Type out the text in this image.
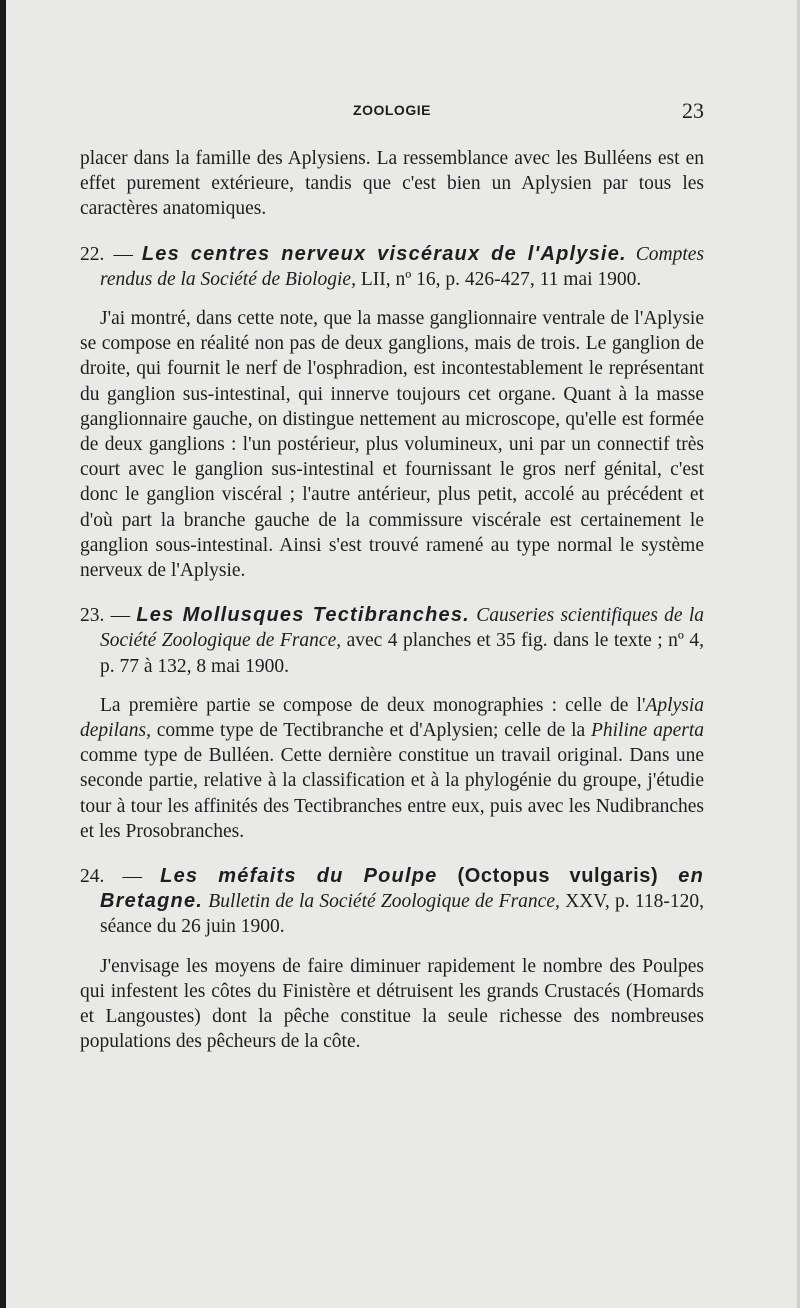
ZOOLOGIE	23

placer dans la famille des Aplysiens. La ressemblance avec les Bulléens est en effet purement extérieure, tandis que c'est bien un Aplysien par tous les caractères anatomiques.

22. — Les centres nerveux viscéraux de l'Aplysie. Comptes rendus de la Société de Biologie, LII, nº 16, p. 426-427, 11 mai 1900.

J'ai montré, dans cette note, que la masse ganglionnaire ventrale de l'Aplysie se compose en réalité non pas de deux ganglions, mais de trois. Le ganglion de droite, qui fournit le nerf de l'osphradion, est incontestablement le représentant du ganglion sus-intestinal, qui innerve toujours cet organe. Quant à la masse ganglionnaire gauche, on distingue nettement au microscope, qu'elle est formée de deux ganglions : l'un postérieur, plus volumineux, uni par un connectif très court avec le ganglion sus-intestinal et fournissant le gros nerf génital, c'est donc le ganglion viscéral ; l'autre antérieur, plus petit, accolé au précédent et d'où part la branche gauche de la commissure viscérale est certainement le ganglion sous-intestinal. Ainsi s'est trouvé ramené au type normal le système nerveux de l'Aplysie.

23. — Les Mollusques Tectibranches. Causeries scientifiques de la Société Zoologique de France, avec 4 planches et 35 fig. dans le texte ; nº 4, p. 77 à 132, 8 mai 1900.

La première partie se compose de deux monographies : celle de l'Aplysia depilans, comme type de Tectibranche et d'Aplysien; celle de la Philine aperta comme type de Bulléen. Cette dernière constitue un travail original. Dans une seconde partie, relative à la classification et à la phylogénie du groupe, j'étudie tour à tour les affinités des Tectibranches entre eux, puis avec les Nudibranches et les Prosobranches.

24. — Les méfaits du Poulpe (Octopus vulgaris) en Bretagne. Bulletin de la Société Zoologique de France, XXV, p. 118-120, séance du 26 juin 1900.

J'envisage les moyens de faire diminuer rapidement le nombre des Poulpes qui infestent les côtes du Finistère et détruisent les grands Crustacés (Homards et Langoustes) dont la pêche constitue la seule richesse des nombreuses populations des pêcheurs de la côte.
